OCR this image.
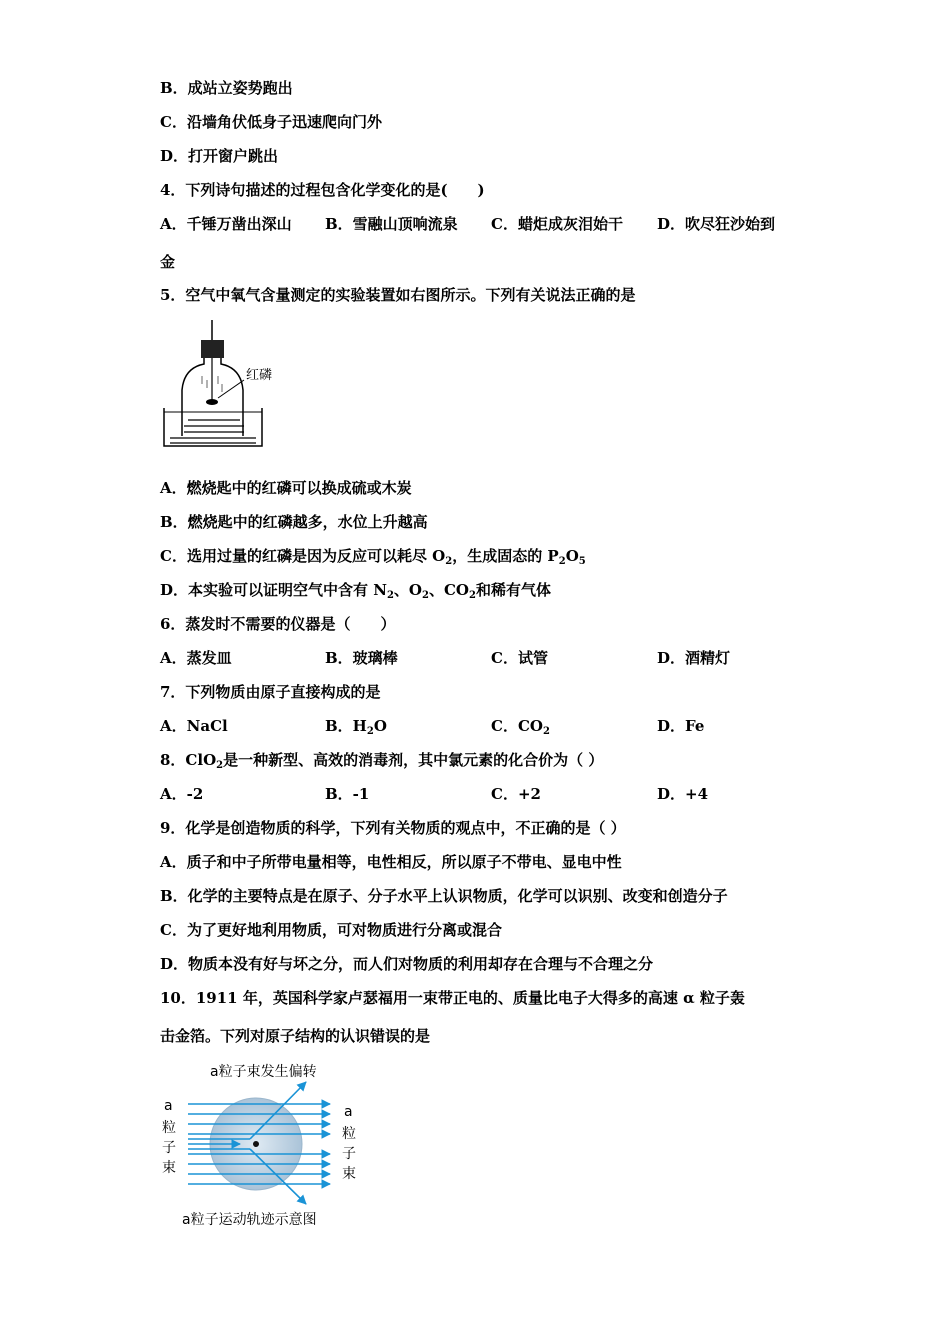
B．成站立姿势跑出
C．沿墙角伏低身子迅速爬向门外
D．打开窗户跳出
4．下列诗句描述的过程包含化学变化的是(　　)
A．千锤万凿出深山 B．雪融山顶响流泉 C．蜡炬成灰泪始干 D．吹尽狂沙始到
金
5．空气中氧气含量测定的实验装置如右图所示。下列有关说法正确的是
红磷
A．燃烧匙中的红磷可以换成硫或木炭
B．燃烧匙中的红磷越多，水位上升越高
C．选用过量的红磷是因为反应可以耗尽 $O_2$，生成固态的 $P_2O_5$
D．本实验可以证明空气中含有 $N_2$、$O_2$、$CO_2$和稀有气体
6．蒸发时不需要的仪器是（　　）
A．蒸发皿	B．玻璃棒	C．试管	D．酒精灯
7．下列物质由原子直接构成的是
A．NaCl	B．$H_2O$	C．$CO_2$	D．Fe
8．ClO$_2$是一种新型、高效的消毒剂，其中氯元素的化合价为（ ）
A．-2	B．-1	C．+2	D．+4
9．化学是创造物质的科学，下列有关物质的观点中，不正确的是（ ）
A．质子和中子所带电量相等，电性相反，所以原子不带电、显电中性
B．化学的主要特点是在原子、分子水平上认识物质，化学可以识别、改变和创造分子
C．为了更好地利用物质，可对物质进行分离或混合
D．物质本没有好与坏之分，而人们对物质的利用却存在合理与不合理之分
10．1911 年，英国科学家卢瑟福用一束带正电的、质量比电子大得多的高速 α 粒子轰
击金箔。下列对原子结构的认识错误的是
a粒子束发生偏转
a
粒
子
束
a
粒
子
束
a粒子运动轨迹示意图
